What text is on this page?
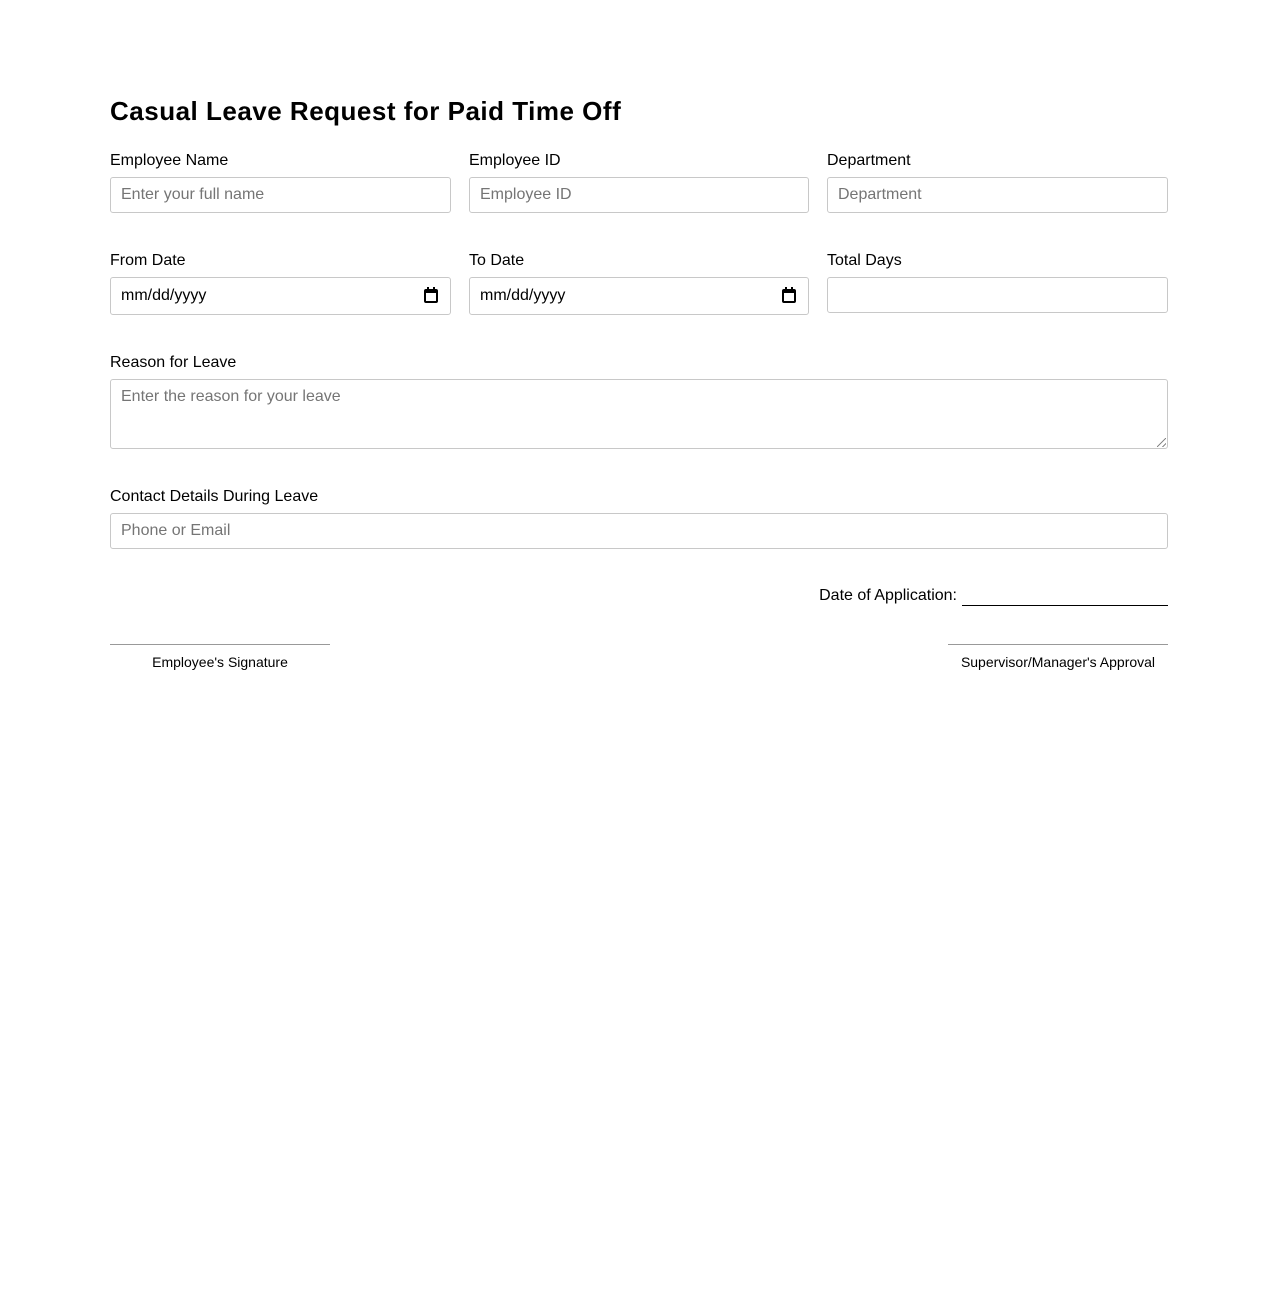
Casual Leave Request for Paid Time Off
Employee Name
Enter your full name
Employee ID
Employee ID
Department
Department
From Date
mm/dd/yyyy
To Date
mm/dd/yyyy
Total Days
Reason for Leave
Enter the reason for your leave
Contact Details During Leave
Phone or Email
Date of Application:
Employee's Signature	Supervisor/Manager's Approval
